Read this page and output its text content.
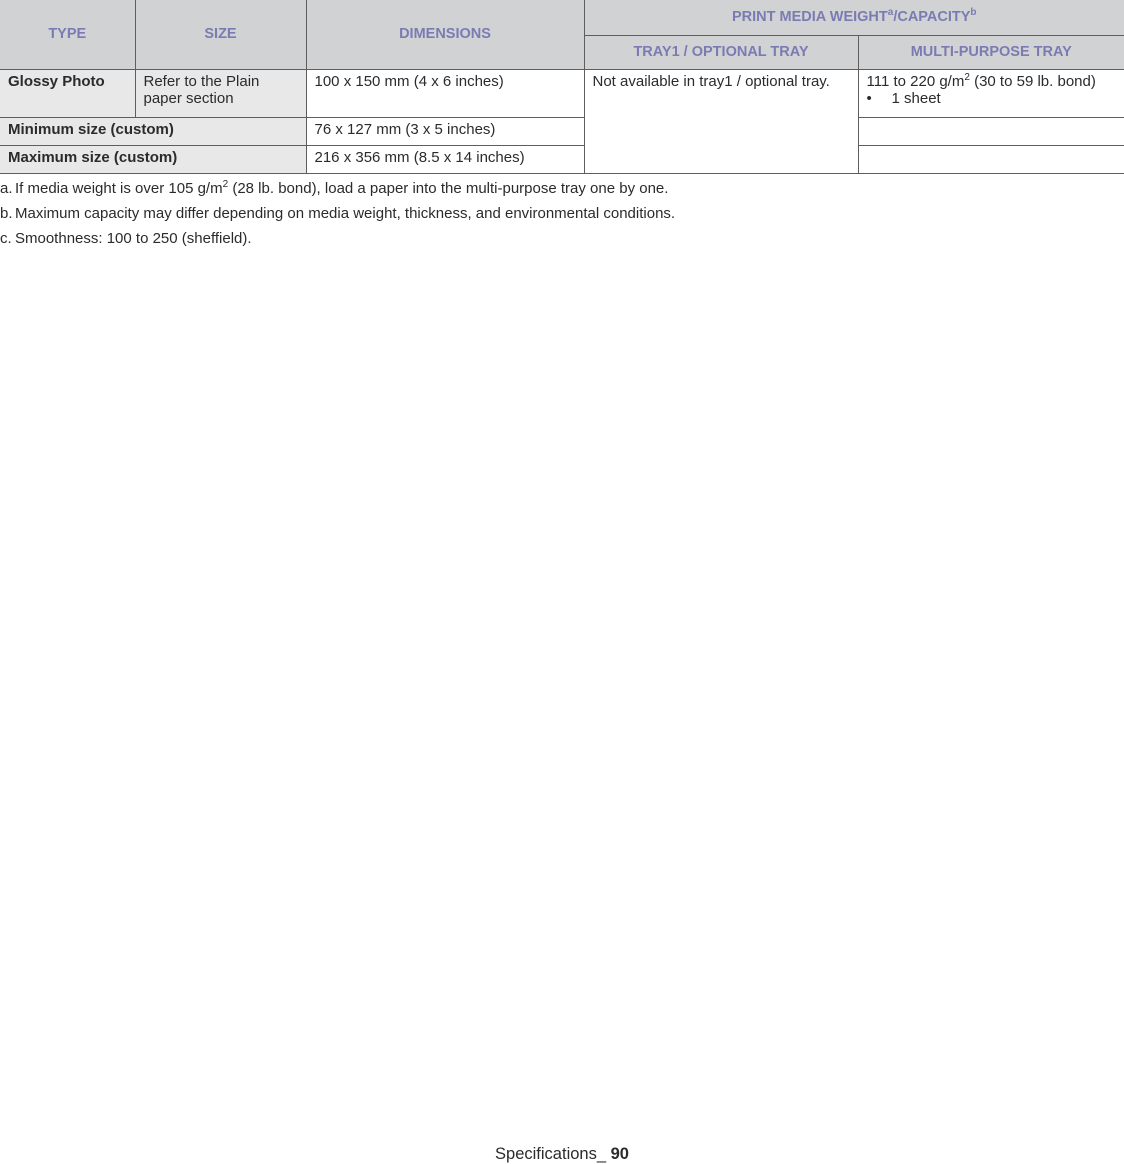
TYPE	SIZE	DIMENSIONS	PRINT MEDIA WEIGHT$^a$/CAPACITY$^b$
			TRAY1 / OPTIONAL TRAY	MULTI-PURPOSE TRAY
Glossy Photo	Refer to the Plain paper section	100 x 150 mm (4 x 6 inches)	Not available in tray1 / optional tray.	111 to 220 $g/m^2$ (30 to 59 lb. bond)
• 1 sheet

Minimum size (custom)		76 x 127 mm (3 x 5 inches)		
Maximum size (custom)		216 x 356 mm (8.5 x 14 inches)		
a. If media weight is over 105 $g/m^2$ (28 lb. bond), load a paper into the multi-purpose tray one by one.
b. Maximum capacity may differ depending on media weight, thickness, and environmental conditions.
c. Smoothness: 100 to 250 (sheffield).
Specifications_ 90
